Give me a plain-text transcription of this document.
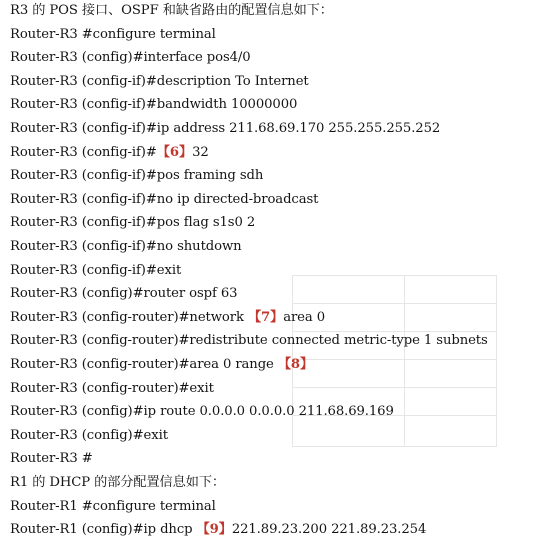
R3 的 POS 接口、OSPF 和缺省路由的配置信息如下：
Router-R3 #configure terminal
Router-R3 (config)#interface pos4/0
Router-R3 (config-if)#description To Internet
Router-R3 (config-if)#bandwidth 10000000
Router-R3 (config-if)#ip address 211.68.69.170 255.255.255.252
Router-R3 (config-if)#【6】32
Router-R3 (config-if)#pos framing sdh
Router-R3 (config-if)#no ip directed-broadcast
Router-R3 (config-if)#pos flag s1s0 2
Router-R3 (config-if)#no shutdown
Router-R3 (config-if)#exit
Router-R3 (config)#router ospf 63
Router-R3 (config-router)#network 【7】area 0
Router-R3 (config-router)#redistribute connected metric-type 1 subnets
Router-R3 (config-router)#area 0 range 【8】
Router-R3 (config-router)#exit
Router-R3 (config)#ip route 0.0.0.0 0.0.0.0 211.68.69.169
Router-R3 (config)#exit
Router-R3 #
R1 的 DHCP 的部分配置信息如下：
Router-R1 #configure terminal
Router-R1 (config)#ip dhcp 【9】221.89.23.200 221.89.23.254
